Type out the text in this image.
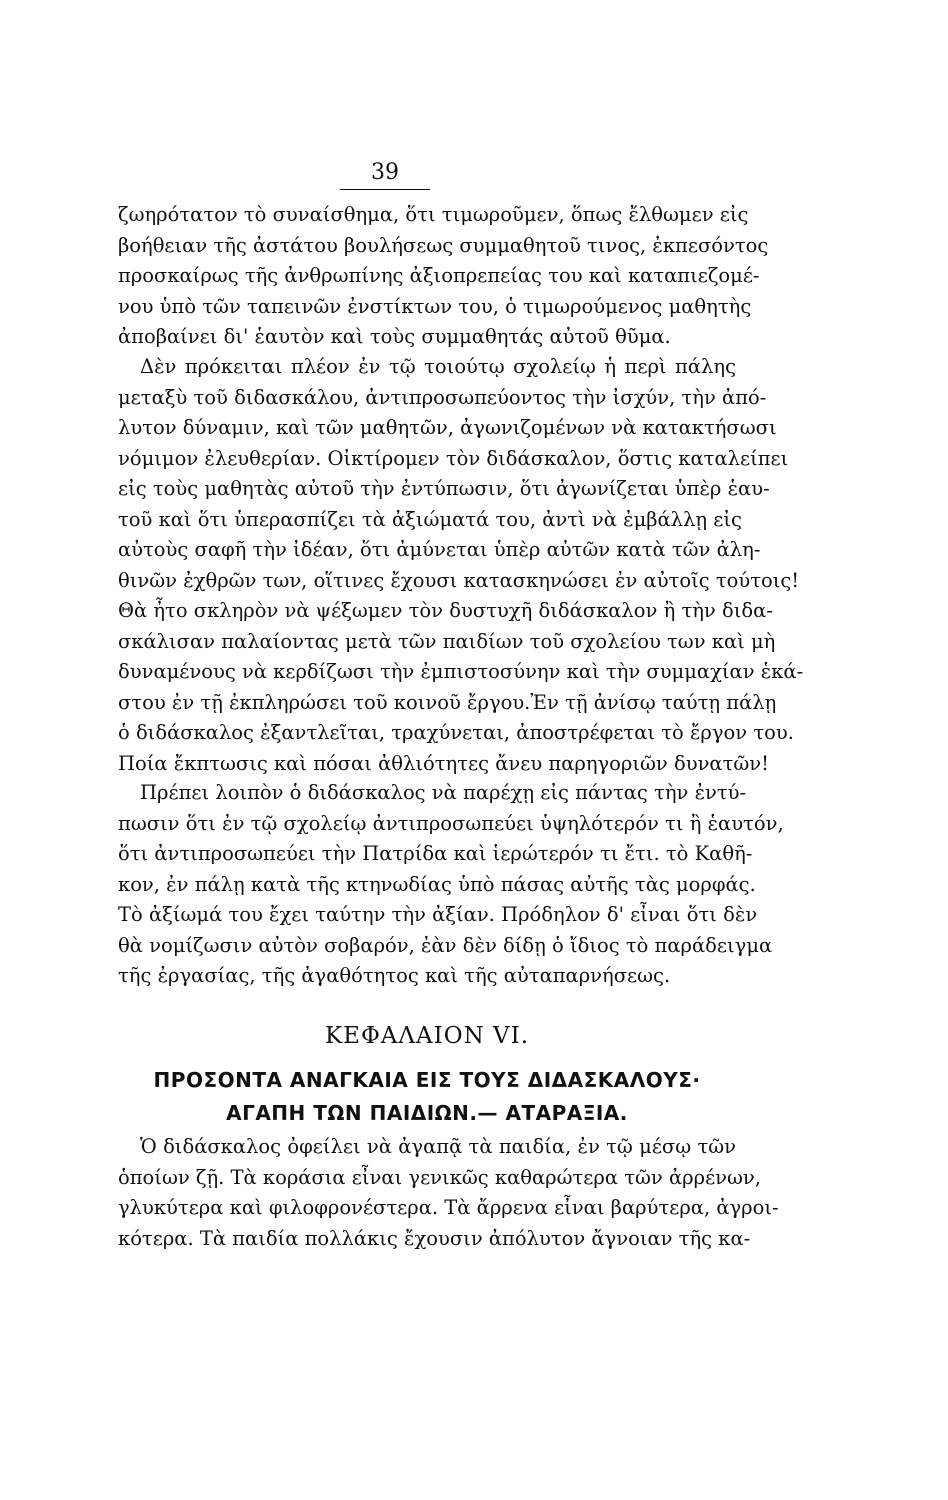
39
ζωηρότατον τὸ συναίσθημα, ὅτι τιμωροῦμεν, ὅπως ἔλθωμεν εἰς
βοήθειαν τῆς ἀστάτου βουλήσεως συμμαθητοῦ τινος, ἐκπεσόντος
προσκαίρως τῆς ἀνθρωπίνης ἀξιοπρεπείας του καὶ καταπιεζομέ-
νου ὑπὸ τῶν ταπεινῶν ἐνστίκτων του, ὁ τιμωρούμενος μαθητὴς
ἀποβαίνει δι' ἑαυτὸν καὶ τοὺς συμμαθητάς αὐτοῦ θῦμα.
Δὲν πρόκειται πλέον ἐν τῷ τοιούτῳ σχολείῳ ἡ περὶ πάλης
μεταξὺ τοῦ διδασκάλου, ἀντιπροσωπεύοντος τὴν ἰσχύν, τὴν ἀπό-
λυτον δύναμιν, καὶ τῶν μαθητῶν, ἀγωνιζομένων νὰ κατακτήσωσι
νόμιμον ἐλευθερίαν. Οἰκτίρομεν τὸν διδάσκαλον, ὅστις καταλείπει
εἰς τοὺς μαθητὰς αὐτοῦ τὴν ἐντύπωσιν, ὅτι ἀγωνίζεται ὑπὲρ ἑαυ-
τοῦ καὶ ὅτι ὑπερασπίζει τὰ ἀξιώματά του, ἀντὶ νὰ ἐμβάλλῃ εἰς
αὐτοὺς σαφῆ τὴν ἰδέαν, ὅτι ἀμύνεται ὑπὲρ αὐτῶν κατὰ τῶν ἀλη-
θινῶν ἐχθρῶν των, οἵτινες ἔχουσι κατασκηνώσει ἐν αὐτοῖς τούτοις!
Θὰ ἦτο σκληρὸν νὰ ψέξωμεν τὸν δυστυχῆ διδάσκαλον ἢ τὴν διδα-
σκάλισαν παλαίοντας μετὰ τῶν παιδίων τοῦ σχολείου των καὶ μὴ
δυναμένους νὰ κερδίζωσι τὴν ἐμπιστοσύνην καὶ τὴν συμμαχίαν ἑκά-
στου ἐν τῇ ἐκπληρώσει τοῦ κοινοῦ ἔργου.Ἐν τῇ ἀνίσῳ ταύτῃ πάλῃ
ὁ διδάσκαλος ἐξαντλεῖται, τραχύνεται, ἀποστρέφεται τὸ ἔργον του.
Ποία ἔκπτωσις καὶ πόσαι ἀθλιότητες ἄνευ παρηγοριῶν δυνατῶν!
Πρέπει λοιπὸν ὁ διδάσκαλος νὰ παρέχῃ εἰς πάντας τὴν ἐντύ-
πωσιν ὅτι ἐν τῷ σχολείῳ ἀντιπροσωπεύει ὑψηλότερόν τι ἢ ἑαυτόν,
ὅτι ἀντιπροσωπεύει τὴν Πατρίδα καὶ ἱερώτερόν τι ἔτι. τὸ Καθῆ-
κον, ἐν πάλῃ κατὰ τῆς κτηνωδίας ὑπὸ πάσας αὐτῆς τὰς μορφάς.
Τὸ ἀξίωμά του ἔχει ταύτην τὴν ἀξίαν. Πρόδηλον δ' εἶναι ὅτι δὲν
θὰ νομίζωσιν αὐτὸν σοβαρόν, ἐὰν δὲν δίδῃ ὁ ἴδιος τὸ παράδειγμα
τῆς ἐργασίας, τῆς ἀγαθότητος καὶ τῆς αὐταπαρνήσεως.
ΚΕΦΑΛΑΙΟΝ VI.
ΠΡΟΣΟΝΤΑ ΑΝΑΓΚΑΙΑ ΕΙΣ ΤΟΥΣ ΔΙΔΑΣΚΑΛΟΥΣ·
ΑΓΑΠΗ ΤΩΝ ΠΑΙΔΙΩΝ.— ΑΤΑΡΑΞΙΑ.
Ὁ διδάσκαλος ὀφείλει νὰ ἀγαπᾷ τὰ παιδία, ἐν τῷ μέσῳ τῶν
ὁποίων ζῇ. Τὰ κοράσια εἶναι γενικῶς καθαρώτερα τῶν ἀρρένων,
γλυκύτερα καὶ φιλοφρονέστερα. Τὰ ἄρρενα εἶναι βαρύτερα, ἀγροι-
κότερα. Τὰ παιδία πολλάκις ἔχουσιν ἀπόλυτον ἄγνοιαν τῆς κα-
